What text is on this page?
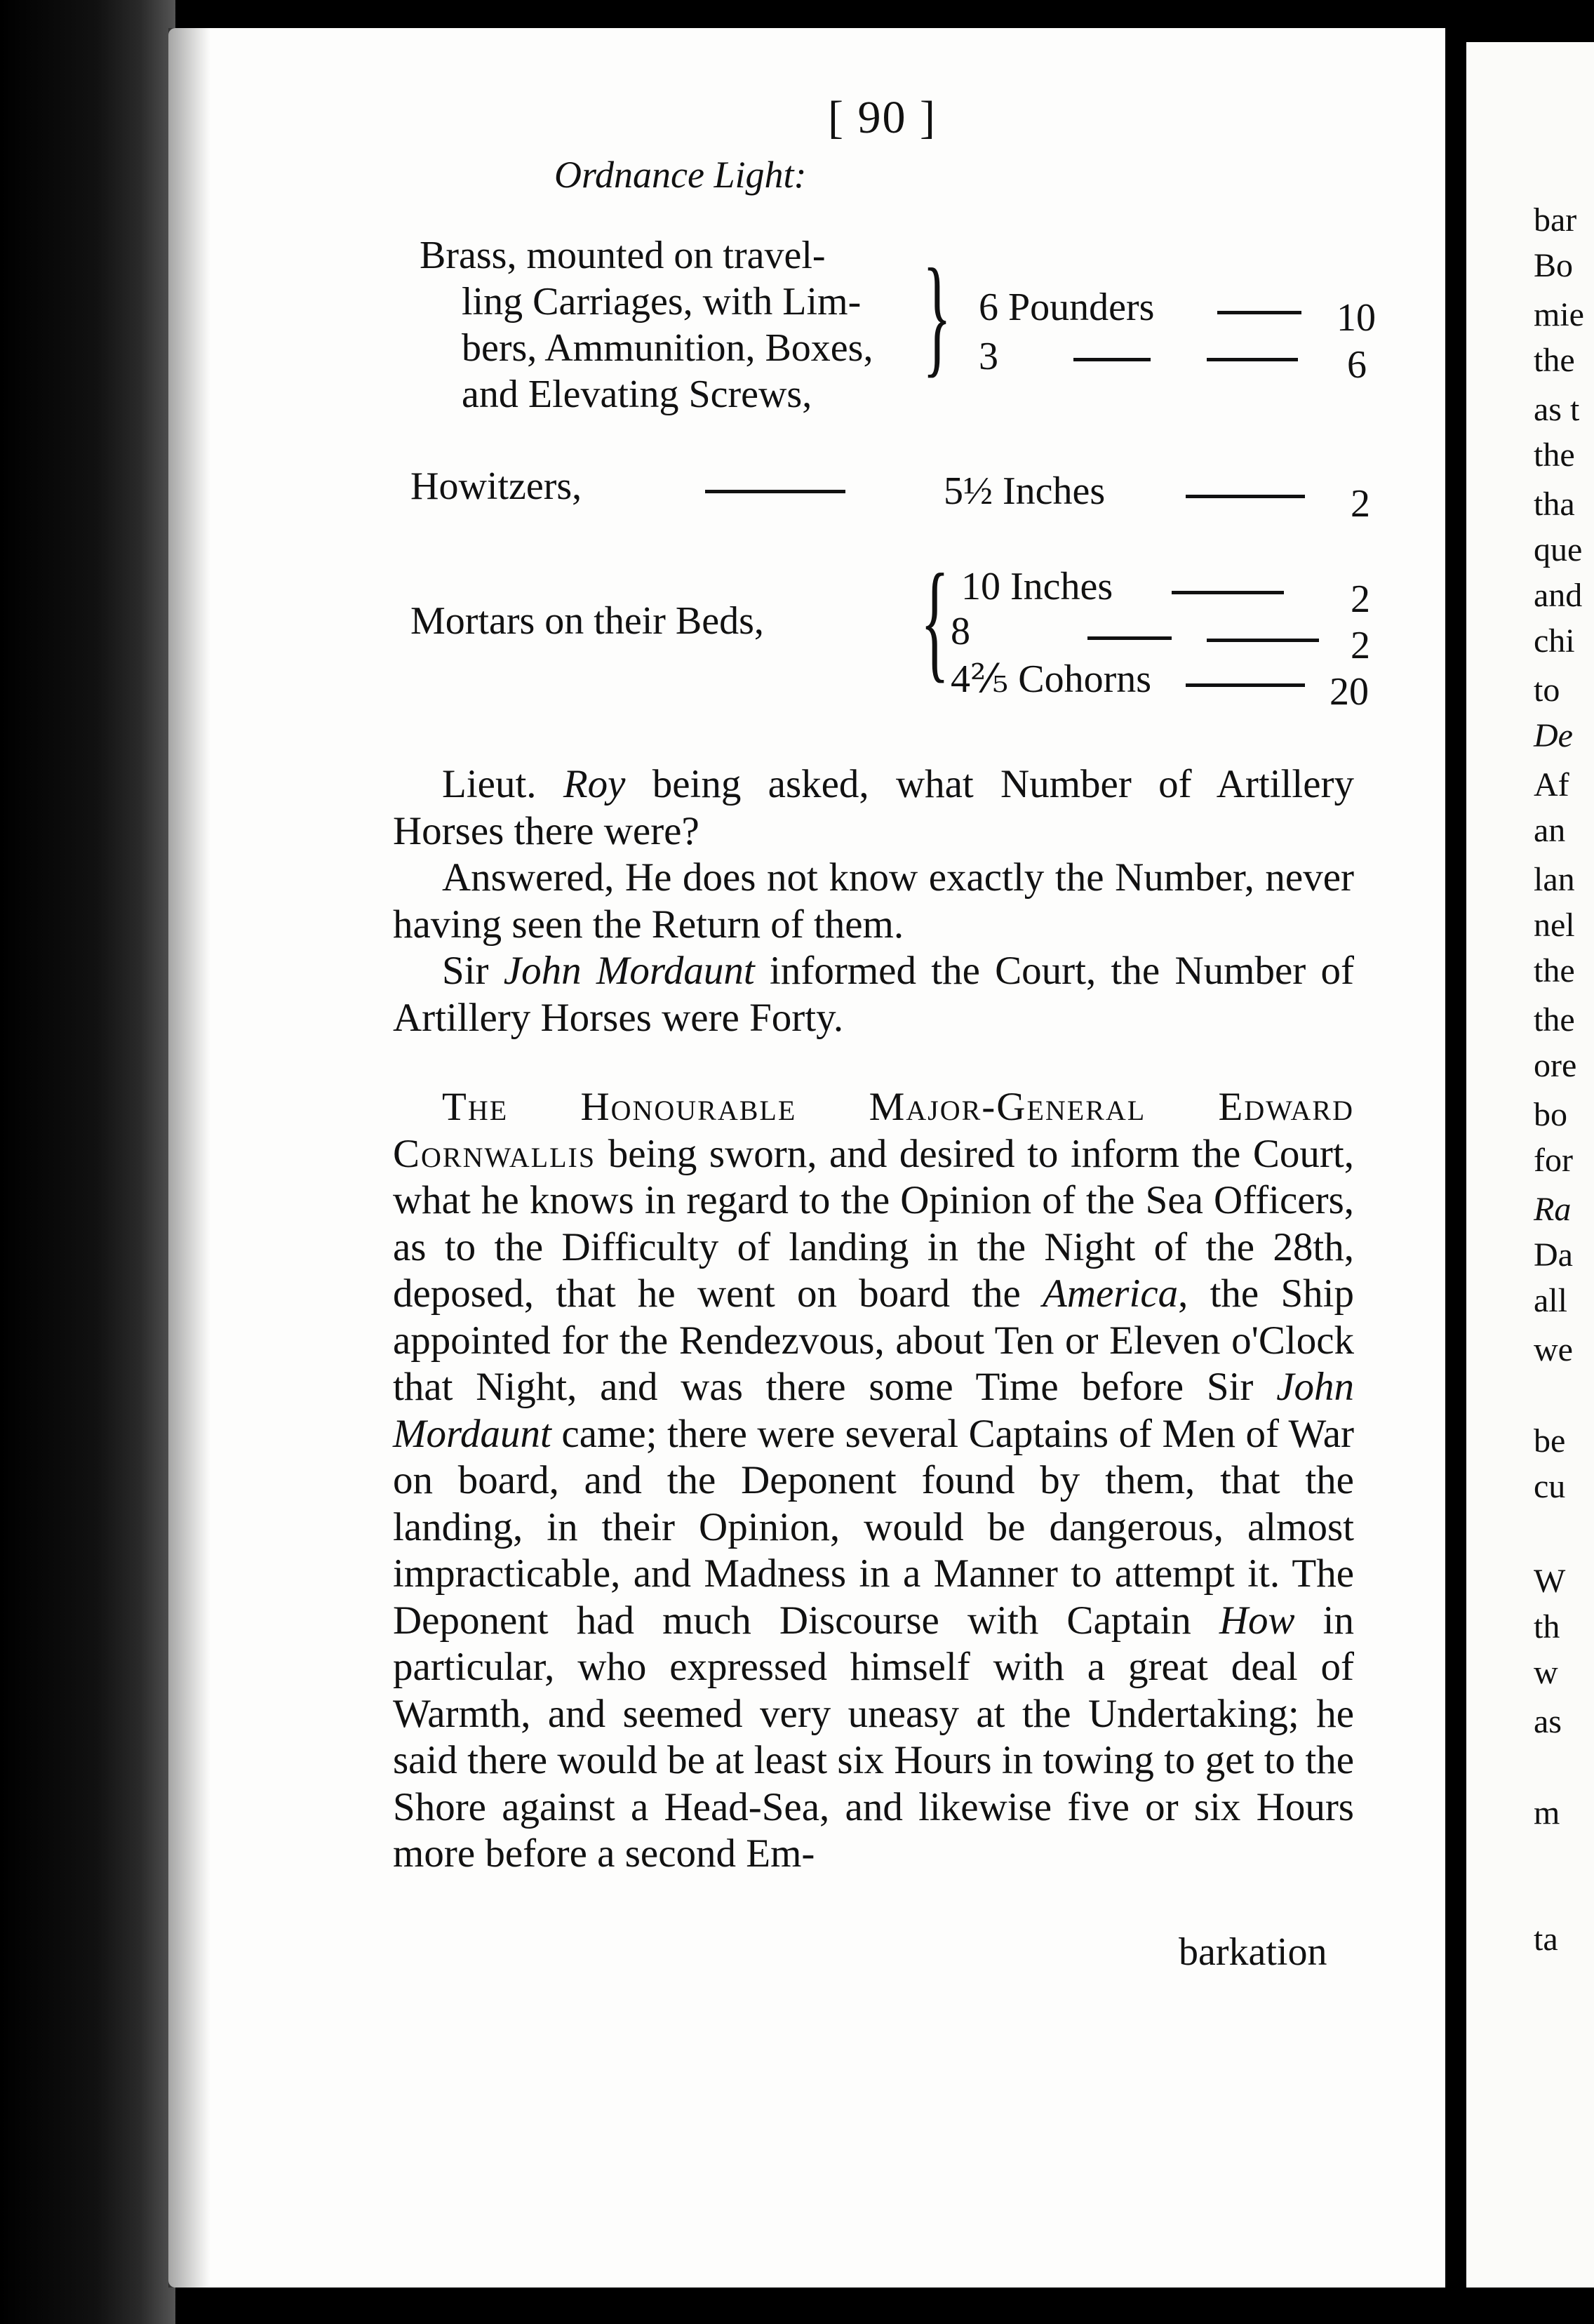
bar
Bo
mie
the
as t
the
tha
que
and
chi
to
De
Af
an
lan
nel
the
the
ore
bo
for
Ra
Da
all
we
be
cu
W
th
w
as
m
ta
[ 90 ]
Ordnance Light:
Brass, mounted on travel-
ling Carriages, with Lim-
bers, Ammunition, Boxes,
and Elevating Screws,
} 6 Pounders	10
3	6
Howitzers,	5½ Inches	2
Mortars on their Beds, { 10 Inches	2
8	2
4⅖ Cohorns	20

Lieut. Roy being asked, what Number of Artillery Horses there were?

Answered, He does not know exactly the Number, never having seen the Return of them.

Sir John Mordaunt informed the Court, the Number of Artillery Horses were Forty.

The Honourable Major-General Edward Cornwallis being sworn, and desired to inform the Court, what he knows in regard to the Opinion of the Sea Officers, as to the Difficulty of landing in the Night of the 28th, deposed, that he went on board the America, the Ship appointed for the Rendezvous, about Ten or Eleven o'Clock that Night, and was there some Time before Sir John Mordaunt came; there were several Captains of Men of War on board, and the Deponent found by them, that the landing, in their Opinion, would be dangerous, almost impracticable, and Madness in a Manner to attempt it. The Deponent had much Discourse with Captain How in particular, who expressed himself with a great deal of Warmth, and seemed very uneasy at the Undertaking; he said there would be at least six Hours in towing to get to the Shore against a Head-Sea, and likewise five or six Hours more before a second Em-

barkation
